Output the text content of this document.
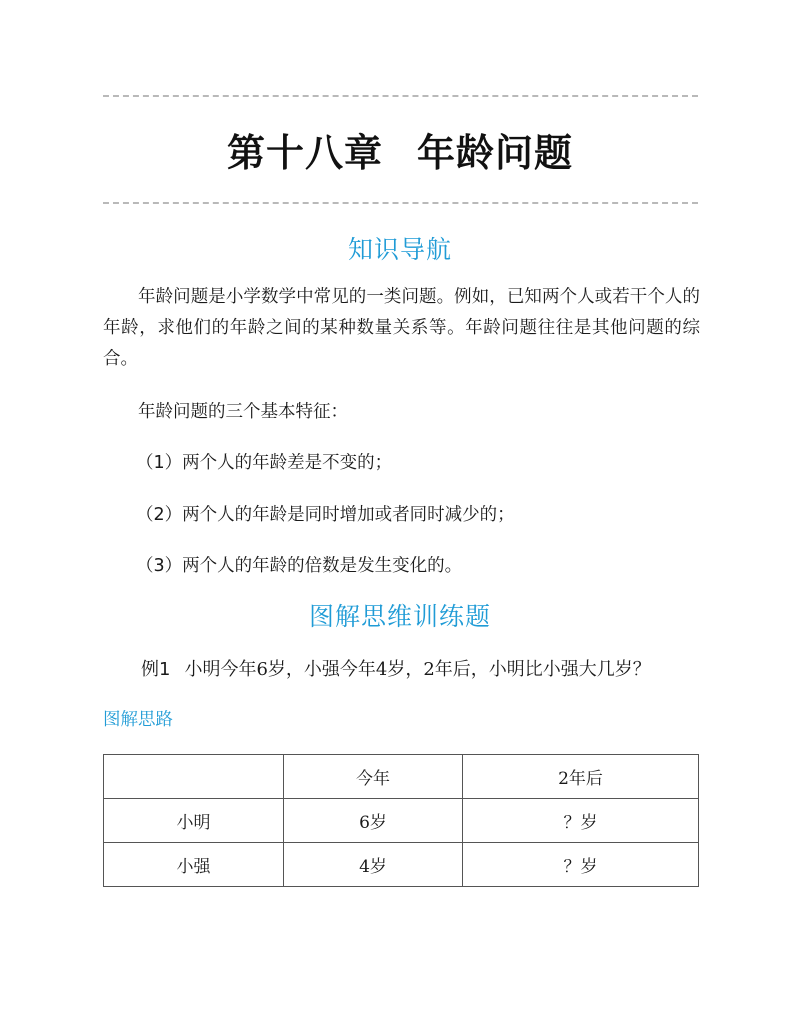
第十八章 年龄问题
知识导航
年龄问题是小学数学中常见的一类问题。例如，已知两个人或若干个人的年龄，求他们的年龄之间的某种数量关系等。年龄问题往往是其他问题的综合。
年龄问题的三个基本特征：
（1）两个人的年龄差是不变的；
（2）两个人的年龄是同时增加或者同时减少的；
（3）两个人的年龄的倍数是发生变化的。
图解思维训练题
例1 小明今年6岁，小强今年4岁，2年后，小明比小强大几岁？
图解思路
	今年	2年后
小明	6岁	？岁
小强	4岁	？岁
